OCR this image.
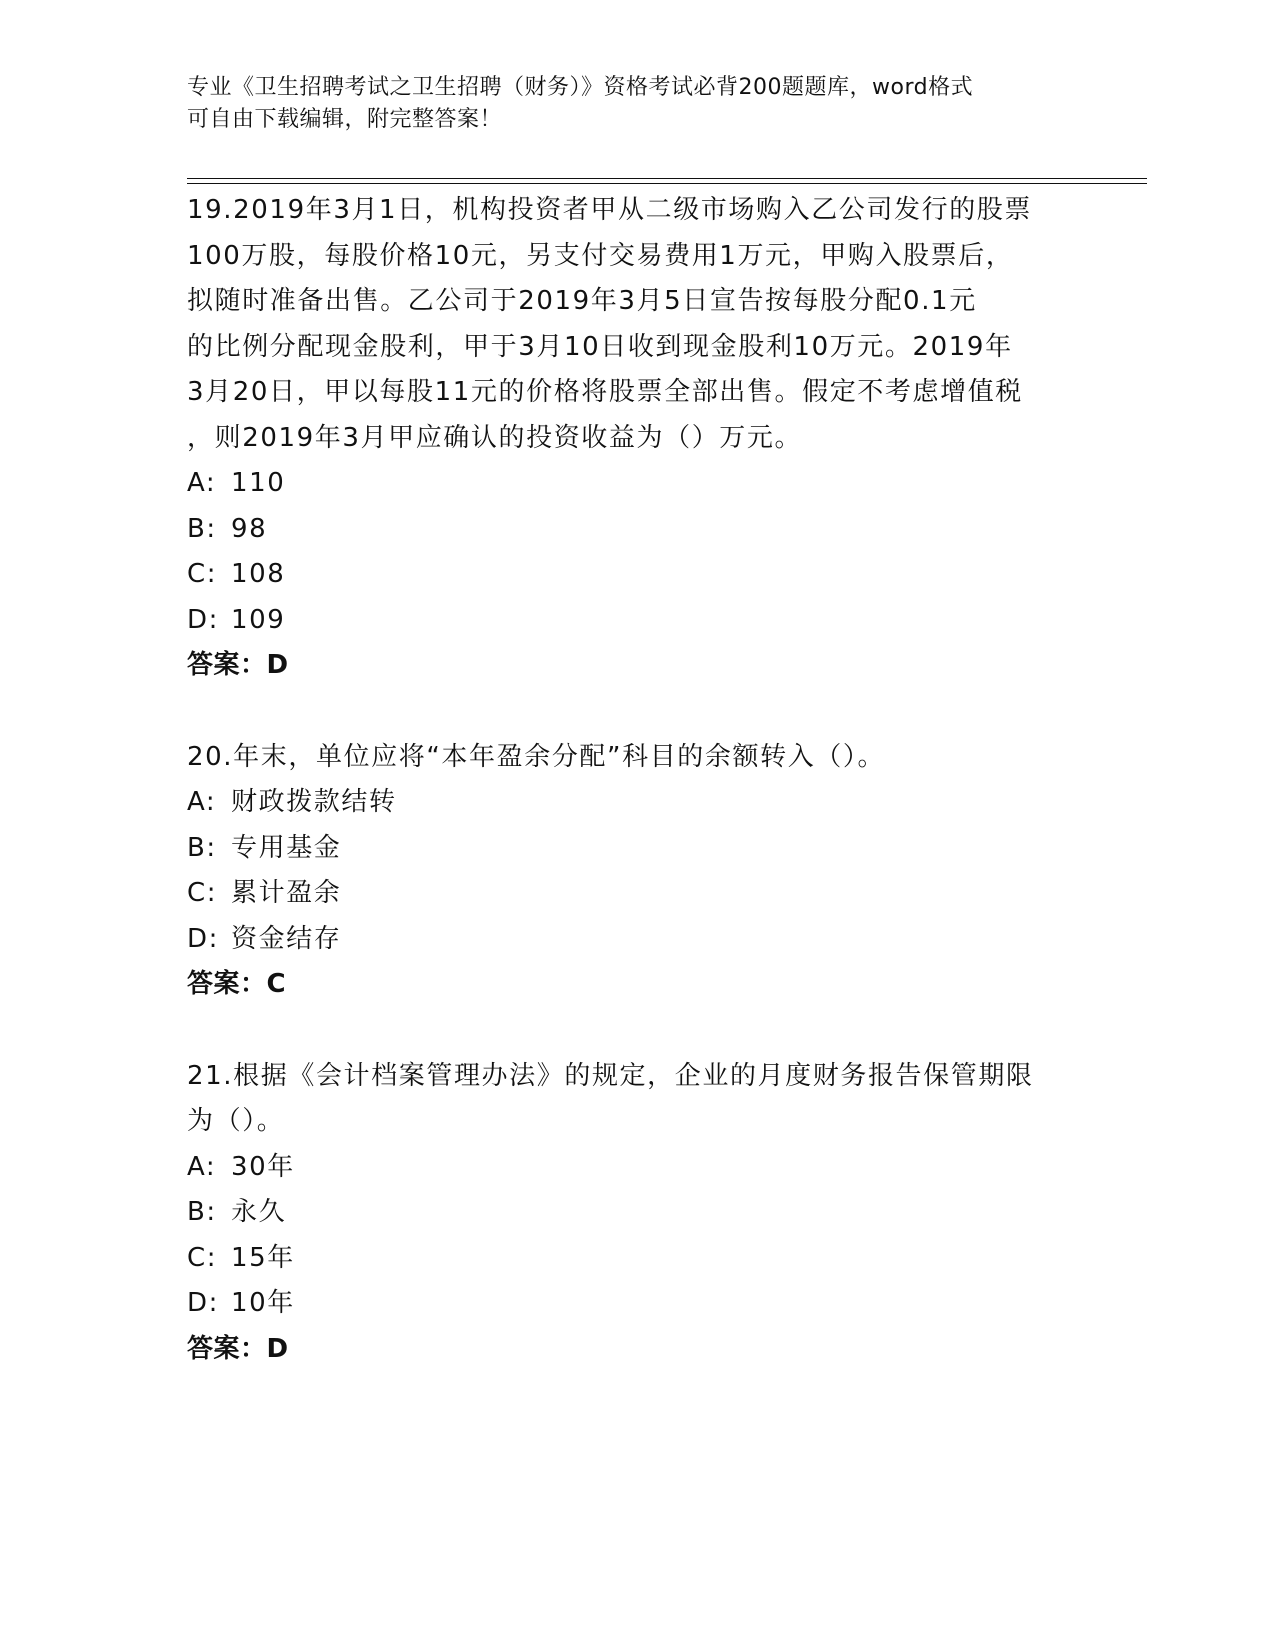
专业《卫生招聘考试之卫生招聘（财务）》资格考试必背200题题库，word格式
可自由下载编辑，附完整答案！
19.2019年3月1日，机构投资者甲从二级市场购入乙公司发行的股票
100万股，每股价格10元，另支付交易费用1万元，甲购入股票后，
拟随时准备出售。乙公司于2019年3月5日宣告按每股分配0.1元
的比例分配现金股利，甲于3月10日收到现金股利10万元。2019年
3月20日，甲以每股11元的价格将股票全部出售。假定不考虑增值税
，则2019年3月甲应确认的投资收益为（）万元。
A: 110
B: 98
C: 108
D: 109
答案：D
20.年末，单位应将“本年盈余分配”科目的余额转入（）。
A: 财政拨款结转
B: 专用基金
C: 累计盈余
D: 资金结存
答案：C
21.根据《会计档案管理办法》的规定，企业的月度财务报告保管期限
为（）。
A: 30年
B: 永久
C: 15年
D: 10年
答案：D
